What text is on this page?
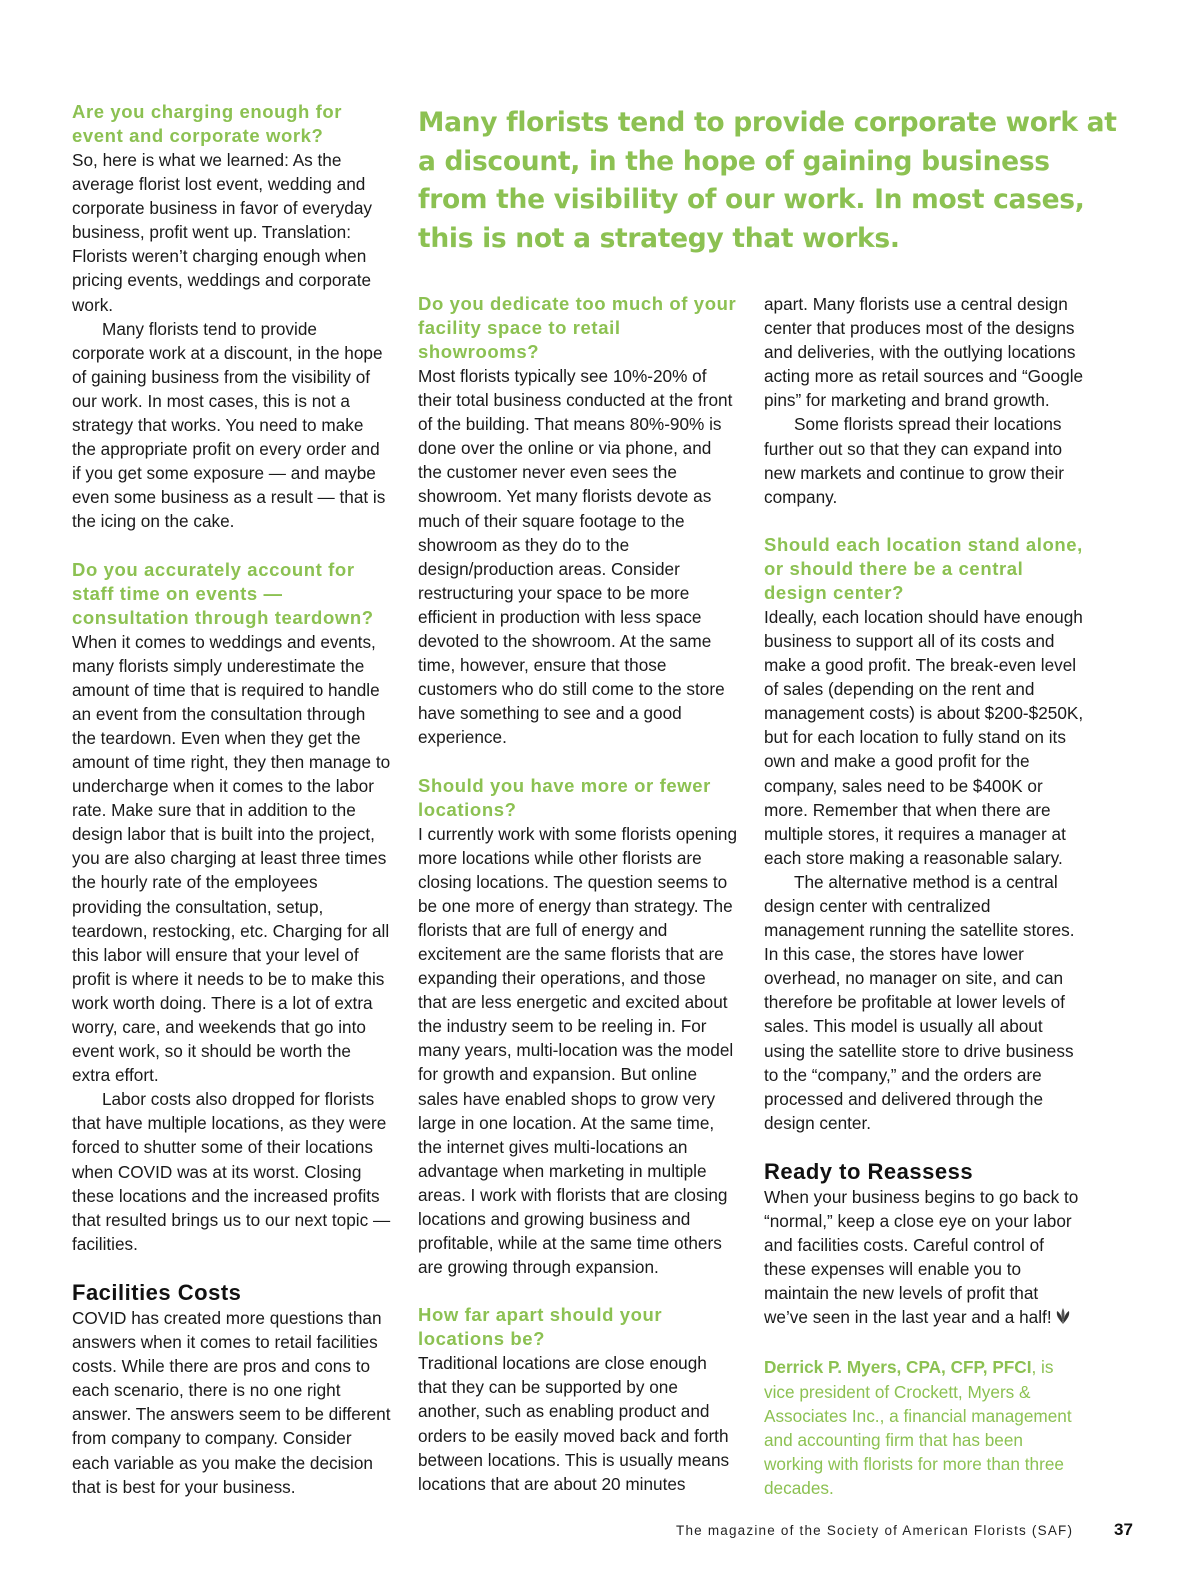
Many florists tend to provide corporate work at a discount, in the hope of gaining business from the visibility of our work. In most cases, this is not a strategy that works.

Are you charging enough for event and corporate work?

So, here is what we learned: As the average florist lost event, wedding and corporate business in favor of everyday business, profit went up. Translation: Florists weren’t charging enough when pricing events, weddings and corporate work.

Many florists tend to provide corporate work at a discount, in the hope of gaining business from the visibility of our work. In most cases, this is not a strategy that works. You need to make the appropriate profit on every order and if you get some exposure — and maybe even some business as a result — that is the icing on the cake.

Do you accurately account for staff time on events — consultation through teardown?

When it comes to weddings and events, many florists simply underestimate the amount of time that is required to handle an event from the consultation through the teardown. Even when they get the amount of time right, they then manage to undercharge when it comes to the labor rate. Make sure that in addition to the design labor that is built into the project, you are also charging at least three times the hourly rate of the employees providing the consultation, setup, teardown, restocking, etc. Charging for all this labor will ensure that your level of profit is where it needs to be to make this work worth doing. There is a lot of extra worry, care, and weekends that go into event work, so it should be worth the extra effort.

Labor costs also dropped for florists that have multiple locations, as they were forced to shutter some of their locations when COVID was at its worst. Closing these locations and the increased profits that resulted brings us to our next topic — facilities.

Facilities Costs

COVID has created more questions than answers when it comes to retail facilities costs. While there are pros and cons to each scenario, there is no one right answer. The answers seem to be different from company to company. Consider each variable as you make the decision that is best for your business.

Do you dedicate too much of your facility space to retail showrooms?

Most florists typically see 10%-20% of their total business conducted at the front of the building. That means 80%-90% is done over the online or via phone, and the customer never even sees the showroom. Yet many florists devote as much of their square footage to the showroom as they do to the design/production areas. Consider restructuring your space to be more efficient in production with less space devoted to the showroom. At the same time, however, ensure that those customers who do still come to the store have something to see and a good experience.

Should you have more or fewer locations?

I currently work with some florists opening more locations while other florists are closing locations. The question seems to be one more of energy than strategy. The florists that are full of energy and excitement are the same florists that are expanding their operations, and those that are less energetic and excited about the industry seem to be reeling in. For many years, multi-location was the model for growth and expansion. But online sales have enabled shops to grow very large in one location. At the same time, the internet gives multi-locations an advantage when marketing in multiple areas. I work with florists that are closing locations and growing business and profitable, while at the same time others are growing through expansion.

How far apart should your locations be?

Traditional locations are close enough that they can be supported by one another, such as enabling product and orders to be easily moved back and forth between locations. This is usually means locations that are about 20 minutes

apart. Many florists use a central design center that produces most of the designs and deliveries, with the outlying locations acting more as retail sources and “Google pins” for marketing and brand growth.

Some florists spread their locations further out so that they can expand into new markets and continue to grow their company.

Should each location stand alone, or should there be a central design center?

Ideally, each location should have enough business to support all of its costs and make a good profit. The break-even level of sales (depending on the rent and management costs) is about $200-$250K, but for each location to fully stand on its own and make a good profit for the company, sales need to be $400K or more. Remember that when there are multiple stores, it requires a manager at each store making a reasonable salary.

The alternative method is a central design center with centralized management running the satellite stores. In this case, the stores have lower overhead, no manager on site, and can therefore be profitable at lower levels of sales. This model is usually all about using the satellite store to drive business to the “company,” and the orders are processed and delivered through the design center.

Ready to Reassess

When your business begins to go back to “normal,” keep a close eye on your labor and facilities costs. Careful control of these expenses will enable you to maintain the new levels of profit that we’ve seen in the last year and a half!

Derrick P. Myers, CPA, CFP, PFCI, is vice president of Crockett, Myers & Associates Inc., a financial management and accounting firm that has been working with florists for more than three decades.

The magazine of the Society of American Florists (SAF) 37
